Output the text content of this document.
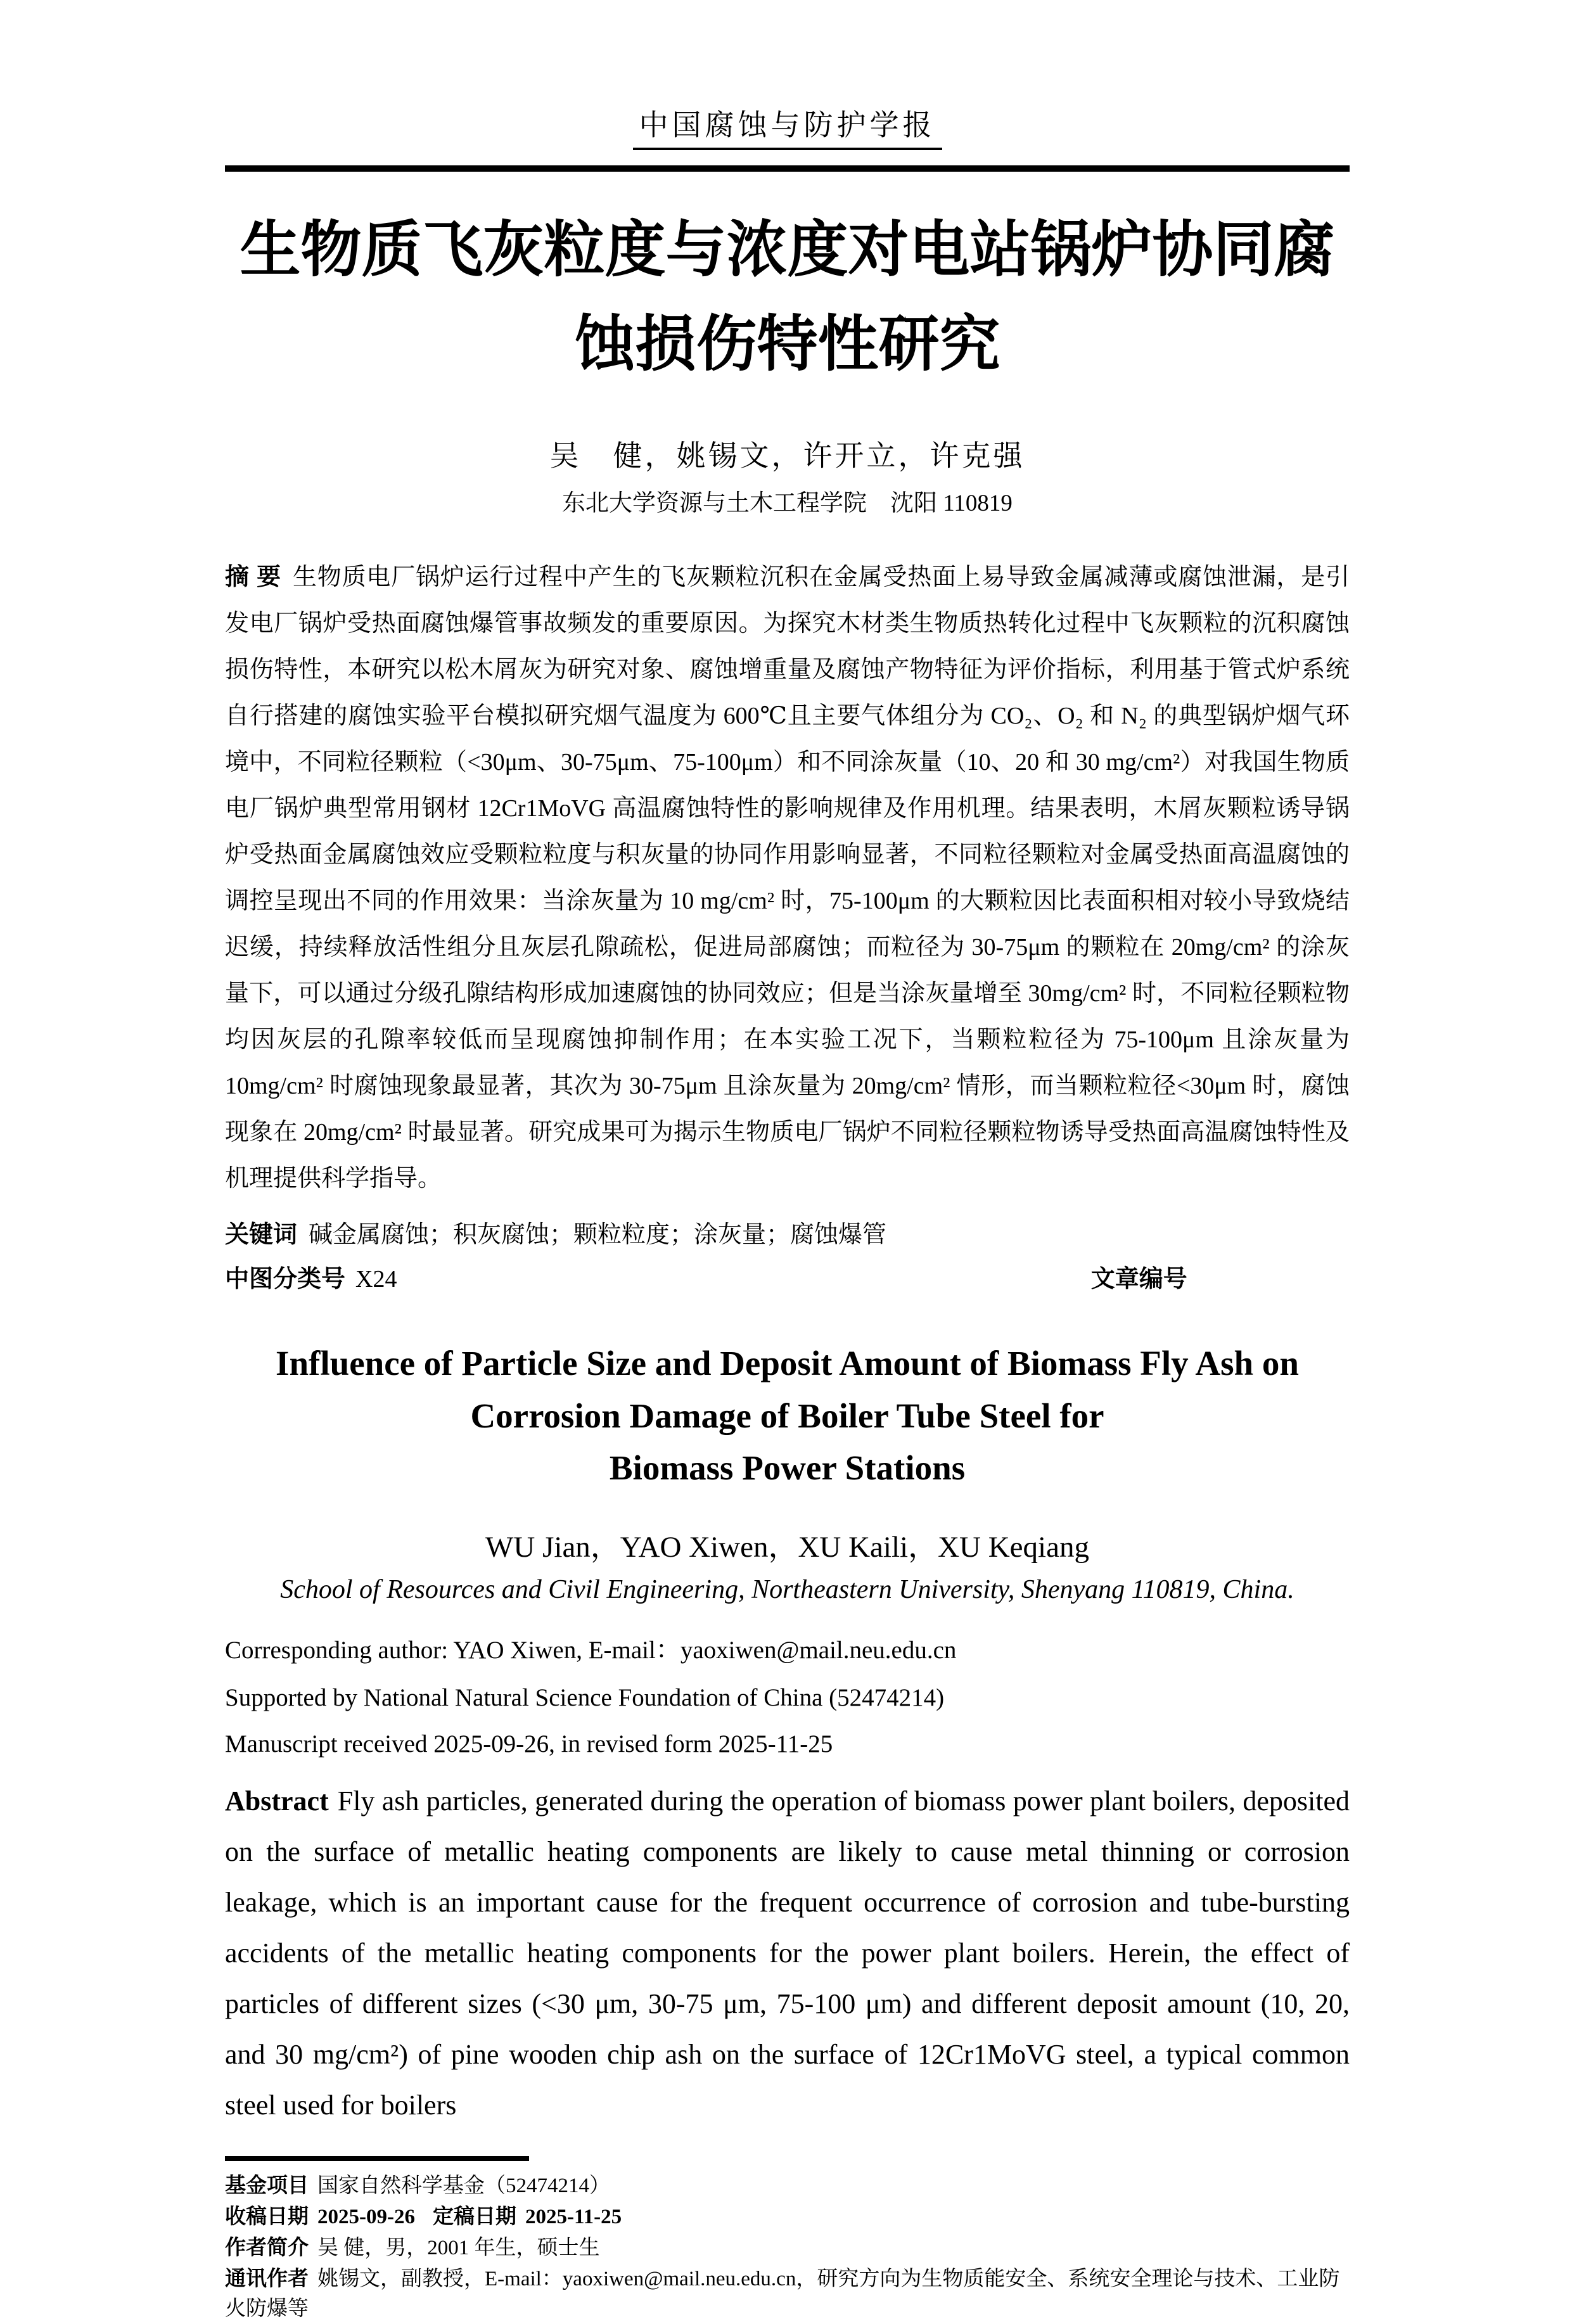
中国腐蚀与防护学报
生物质飞灰粒度与浓度对电站锅炉协同腐
蚀损伤特性研究
吴　健，姚锡文，许开立，许克强
东北大学资源与土木工程学院　沈阳 110819

摘 要 生物质电厂锅炉运行过程中产生的飞灰颗粒沉积在金属受热面上易导致金属减薄或腐蚀泄漏，是引发电厂锅炉受热面腐蚀爆管事故频发的重要原因。为探究木材类生物质热转化过程中飞灰颗粒的沉积腐蚀损伤特性，本研究以松木屑灰为研究对象、腐蚀增重量及腐蚀产物特征为评价指标，利用基于管式炉系统自行搭建的腐蚀实验平台模拟研究烟气温度为 600℃且主要气体组分为 CO₂、O₂ 和 N₂ 的典型锅炉烟气环境中，不同粒径颗粒（<30μm、30-75μm、75-100μm）和不同涂灰量（10、20 和 30 mg/cm²）对我国生物质电厂锅炉典型常用钢材 12Cr1MoVG 高温腐蚀特性的影响规律及作用机理。结果表明，木屑灰颗粒诱导锅炉受热面金属腐蚀效应受颗粒粒度与积灰量的协同作用影响显著，不同粒径颗粒对金属受热面高温腐蚀的调控呈现出不同的作用效果：当涂灰量为 10 mg/cm² 时，75-100μm 的大颗粒因比表面积相对较小导致烧结迟缓，持续释放活性组分且灰层孔隙疏松，促进局部腐蚀；而粒径为 30-75μm 的颗粒在 20mg/cm² 的涂灰量下，可以通过分级孔隙结构形成加速腐蚀的协同效应；但是当涂灰量增至 30mg/cm² 时，不同粒径颗粒物均因灰层的孔隙率较低而呈现腐蚀抑制作用；在本实验工况下，当颗粒粒径为 75-100μm 且涂灰量为 10mg/cm² 时腐蚀现象最显著，其次为 30-75μm 且涂灰量为 20mg/cm² 情形，而当颗粒粒径<30μm 时，腐蚀现象在 20mg/cm² 时最显著。研究成果可为揭示生物质电厂锅炉不同粒径颗粒物诱导受热面高温腐蚀特性及机理提供科学指导。

关键词 碱金属腐蚀；积灰腐蚀；颗粒粒度；涂灰量；腐蚀爆管

中图分类号 X24	文章编号

Influence of Particle Size and Deposit Amount of Biomass Fly Ash on
Corrosion Damage of Boiler Tube Steel for
Biomass Power Stations
WU Jian，YAO Xiwen，XU Kaili，XU Keqiang
School of Resources and Civil Engineering, Northeastern University, Shenyang 110819, China.

Corresponding author: YAO Xiwen, E-mail：yaoxiwen@mail.neu.edu.cn

Supported by National Natural Science Foundation of China (52474214)

Manuscript received 2025-09-26, in revised form 2025-11-25

Abstract Fly ash particles, generated during the operation of biomass power plant boilers, deposited on the surface of metallic heating components are likely to cause metal thinning or corrosion leakage, which is an important cause for the frequent occurrence of corrosion and tube-bursting accidents of the metallic heating components for the power plant boilers. Herein, the effect of particles of different sizes (<30 μm, 30-75 μm, 75-100 μm) and different deposit amount (10, 20, and 30 mg/cm²) of pine wooden chip ash on the surface of 12Cr1MoVG steel, a typical common steel used for boilers

基金项目 国家自然科学基金（52474214）

收稿日期 2025-09-26 定稿日期 2025-11-25

作者简介 吴 健，男，2001 年生，硕士生

通讯作者 姚锡文，副教授，E-mail：yaoxiwen@mail.neu.edu.cn，研究方向为生物质能安全、系统安全理论与技术、工业防火防爆等
